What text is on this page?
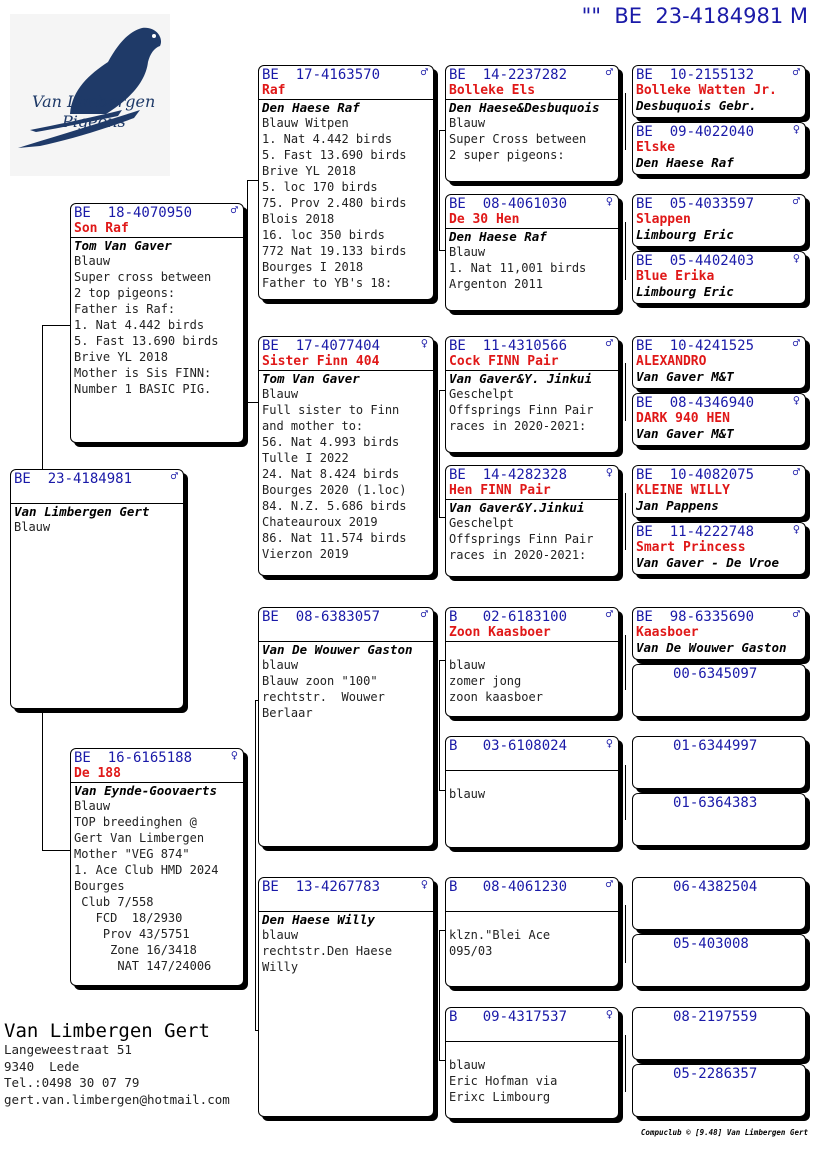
""  BE  23-4184981 M
Van Limbergen
Pigeons
BE  23-4184981	♂
Van Limbergen Gert
Blauw
BE  18-4070950	♂
Son Raf
Tom Van Gaver
Blauw
Super cross between
2 top pigeons:
Father is Raf:
1. Nat 4.442 birds
5. Fast 13.690 birds
Brive YL 2018
Mother is Sis FINN:
Number 1 BASIC PIG.
BE  16-6165188	♀
De 188
Van Eynde-Goovaerts
Blauw
TOP breedinghen @
Gert Van Limbergen
Mother "VEG 874"
1. Ace Club HMD 2024
Bourges
Club 7/558
FCD  18/2930
Prov 43/5751
Zone 16/3418
NAT 147/24006
BE  17-4163570	♂
Raf
Den Haese Raf
Blauw Witpen
1. Nat 4.442 birds
5. Fast 13.690 birds
Brive YL 2018
5. loc 170 birds
75. Prov 2.480 birds
Blois 2018
16. loc 350 birds
772 Nat 19.133 birds
Bourges I 2018
Father to YB's 18:
BE  17-4077404	♀
Sister Finn 404
Tom Van Gaver
Blauw
Full sister to Finn
and mother to:
56. Nat 4.993 birds
Tulle I 2022
24. Nat 8.424 birds
Bourges 2020 (1.loc)
84. N.Z. 5.686 birds
Chateauroux 2019
86. Nat 11.574 birds
Vierzon 2019
BE  08-6383057	♂
Van De Wouwer Gaston
blauw
Blauw zoon "100"
rechtstr.  Wouwer
Berlaar
BE  13-4267783	♀
Den Haese Willy
blauw
rechtstr.Den Haese
Willy
BE  14-2237282	♂
Bolleke Els
Den Haese&Desbuquois
Blauw
Super Cross between
2 super pigeons:
BE  08-4061030	♀
De 30 Hen
Den Haese Raf
Blauw
1. Nat 11,001 birds
Argenton 2011
BE  11-4310566	♂
Cock FINN Pair
Van Gaver&Y. Jinkui
Geschelpt
Offsprings Finn Pair
races in 2020-2021:
BE  14-4282328	♀
Hen FINN Pair
Van Gaver&Y.Jinkui
Geschelpt
Offsprings Finn Pair
races in 2020-2021:
B   02-6183100	♂
Zoon Kaasboer
blauw
zomer jong
zoon kaasboer
B   03-6108024	♀
blauw
B   08-4061230	♂
klzn."Blei Ace
095/03
B   09-4317537	♀
blauw
Eric Hofman via
Erixc Limbourg
BE  10-2155132	♂
Bolleke Watten Jr.
Desbuquois Gebr.
BE  09-4022040	♀
Elske
Den Haese Raf
BE  05-4033597	♂
Slappen
Limbourg Eric
BE  05-4402403	♀
Blue Erika
Limbourg Eric
BE  10-4241525	♂
ALEXANDRO
Van Gaver M&T
BE  08-4346940	♀
DARK 940 HEN
Van Gaver M&T
BE  10-4082075	♂
KLEINE WILLY
Jan Pappens
BE  11-4222748	♀
Smart Princess
Van Gaver - De Vroe
BE  98-6335690	♂
Kaasboer
Van De Wouwer Gaston
00-6345097
01-6344997
01-6364383
06-4382504
05-403008
08-2197559
05-2286357
Van Limbergen Gert
Langeweestraat 51
9340  Lede
Tel.:0498 30 07 79
gert.van.limbergen@hotmail.com
Compuclub © [9.48] Van Limbergen Gert
